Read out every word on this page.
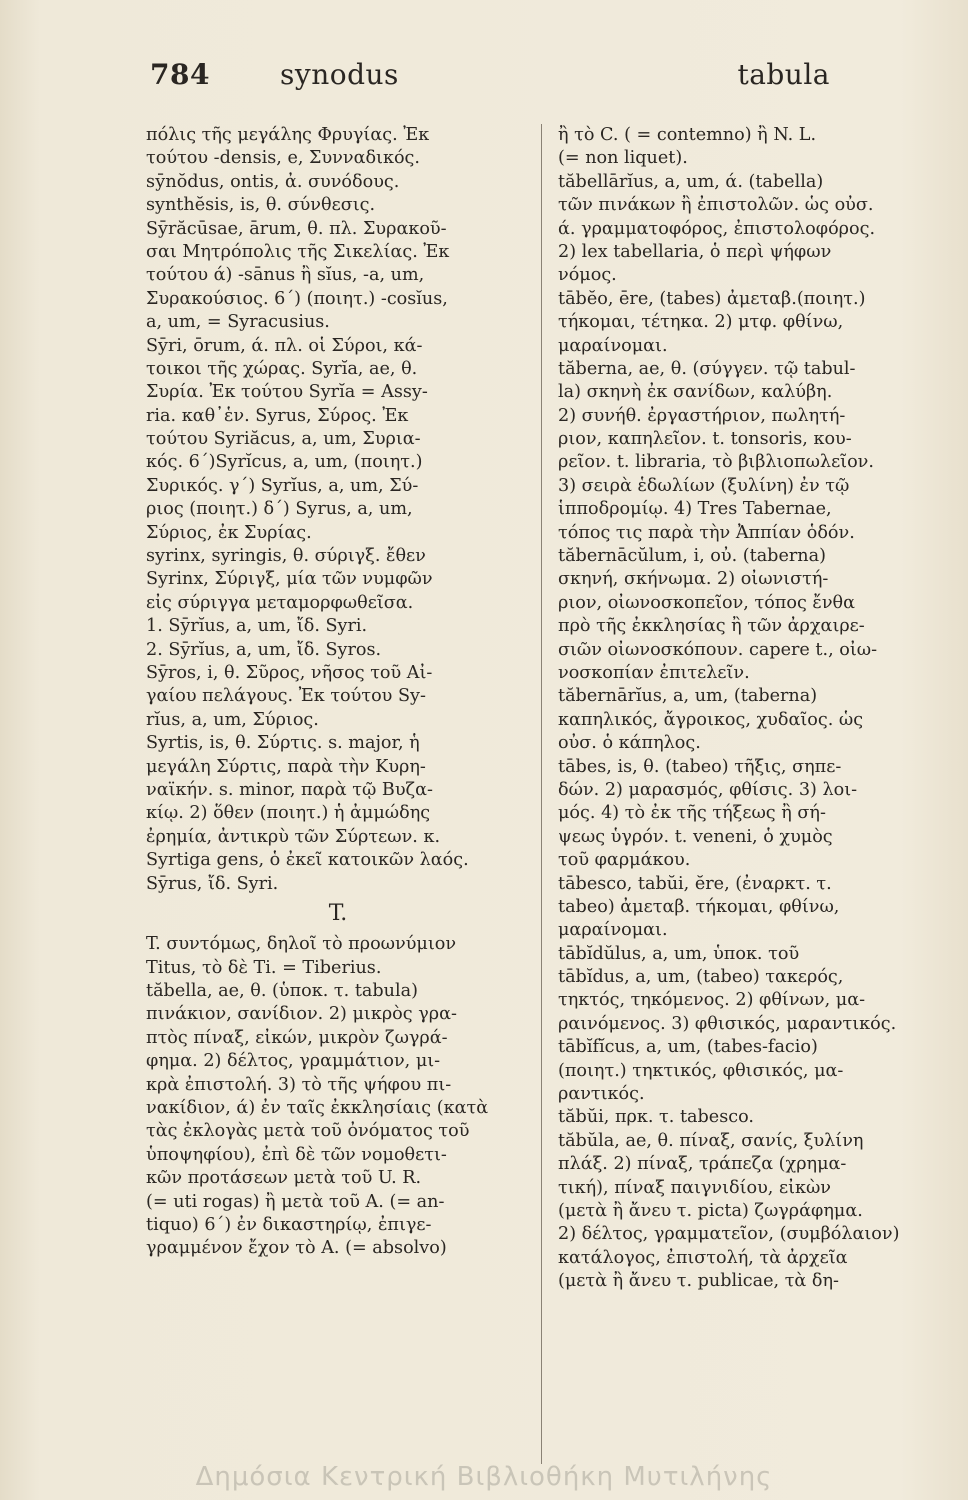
784	synodus	tabula
πόλις τῆς μεγάλης Φρυγίας. Ἐκ
τούτου -densis, e, Συνναδικός.
sӯnŏdus, ontis, ἀ. συνόδους.
synthĕsis, is, θ. σύνθεσις.
Sȳrăcūsae, ārum, θ. πλ. Συρακοῦ-
σαι Μητρόπολις τῆς Σικελίας. Ἐκ
τούτου ά) -sānus ἢ sĭus, -a, um,
Συρακούσιος. 6΄) (ποιητ.) -cosĭus,
a, um, = Syracusius.
Sȳri, ōrum, ά. πλ. οἱ Σύροι, κά-
τοικοι τῆς χώρας. Syrĭa, ae, θ.
Συρία. Ἐκ τούτου Syrĭa = Assy-
ria. καθ᾽ἑν. Syrus, Σύρος. Ἐκ
τούτου Syriăcus, a, um, Συρια-
κός. 6΄)Syrĭcus, a, um, (ποιητ.)
Συρικός. γ΄) Syrĭus, a, um, Σύ-
ριος (ποιητ.) δ΄) Syrus, a, um,
Σύριος, ἐκ Συρίας.
syrinx, syringis, θ. σύριγξ. ἔθεν
Syrinx, Σύριγξ, μία τῶν νυμφῶν
εἰς σύριγγα μεταμορφωθεῖσα.
1. Sȳrĭus, a, um, ἴδ. Syri.
2. Sȳrĭus, a, um, ἴδ. Syros.
Sȳros, i, θ. Σῦρος, νῆσος τοῦ Αἰ-
γαίου πελάγους. Ἐκ τούτου Sy-
rĭus, a, um, Σύριος.
Syrtis, is, θ. Σύρτις. s. major, ἡ
μεγάλη Σύρτις, παρὰ τὴν Κυρη-
ναϊκήν. s. minor, παρὰ τῷ Βυζα-
κίῳ. 2) ὅθεν (ποιητ.) ἡ ἀμμώδης
ἐρημία, ἀντικρὺ τῶν Σύρτεων. κ.
Syrtiga gens, ὁ ἐκεῖ κατοικῶν λαός.
Sȳrus, ἴδ. Syri.
T.
T. συντόμως, δηλοῖ τὸ προωνύμιον
Titus, τὸ δὲ Ti. = Tiberius.
tăbella, ae, θ. (ὑποκ. τ. tabula)
πινάκιον, σανίδιον. 2) μικρὸς γρα-
πτὸς πίναξ, εἰκών, μικρὸν ζωγρά-
φημα. 2) δέλτος, γραμμάτιον, μι-
κρὰ ἐπιστολή. 3) τὸ τῆς ψήφου πι-
νακίδιον, ά) ἐν ταῖς ἐκκλησίαις (κατὰ
τὰς ἐκλογὰς μετὰ τοῦ ὀνόματος τοῦ
ὑποψηφίου), ἐπὶ δὲ τῶν νομοθετι-
κῶν προτάσεων μετὰ τοῦ U. R.
(= uti rogas) ἢ μετὰ τοῦ A. (= an-
tiquo) 6΄) ἐν δικαστηρίῳ, ἐπιγε-
γραμμένον ἔχον τὸ A. (= absolvo)
ἢ τὸ C. ( = contemno) ἢ N. L.
(= non liquet).
tăbellārĭus, a, um, ά. (tabella)
τῶν πινάκων ἢ ἐπιστολῶν. ὡς οὐσ.
ά. γραμματοφόρος, ἐπιστολοφόρος.
2) lex tabellaria, ὁ περὶ ψήφων
νόμος.
tābĕo, ēre, (tabes) ἀμεταβ.(ποιητ.)
τήκομαι, τέτηκα. 2) μτφ. φθίνω,
μαραίνομαι.
tăberna, ae, θ. (σύγγεν. τῷ tabul-
la) σκηνὴ ἐκ σανίδων, καλύβη.
2) συνήθ. ἐργαστήριον, πωλητή-
ριον, καπηλεῖον. t. tonsoris, κου-
ρεῖον. t. libraria, τὸ βιβλιοπωλεῖον.
3) σειρὰ ἑδωλίων (ξυλίνη) ἐν τῷ
ἱπποδρομίῳ. 4) Tres Tabernae,
τόπος τις παρὰ τὴν Ἀππίαν ὁδόν.
tăbernācŭlum, i, οὐ. (taberna)
σκηνή, σκήνωμα. 2) οἰωνιστή-
ριον, οἰωνοσκοπεῖον, τόπος ἔνθα
πρὸ τῆς ἐκκλησίας ἢ τῶν ἀρχαιρε-
σιῶν οἰωνοσκόπουν. capere t., οἰω-
νοσκοπίαν ἐπιτελεῖν.
tăbernārĭus, a, um, (taberna)
καπηλικός, ἄγροικος, χυδαῖος. ὡς
οὐσ. ὁ κάπηλος.
tābes, is, θ. (tabeo) τῆξις, σηπε-
δών. 2) μαρασμός, φθίσις. 3) λοι-
μός. 4) τὸ ἐκ τῆς τήξεως ἢ σή-
ψεως ὑγρόν. t. veneni, ὁ χυμὸς
τοῦ φαρμάκου.
tābesco, tabŭi, ĕre, (ἐναρκτ. τ.
tabeo) ἀμεταβ. τήκομαι, φθίνω,
μαραίνομαι.
tābĭdŭlus, a, um, ὑποκ. τοῦ
tābĭdus, a, um, (tabeo) τακερός,
τηκτός, τηκόμενος. 2) φθίνων, μα-
ραινόμενος. 3) φθισικός, μαραντικός.
tābĭfĭcus, a, um, (tabes-facio)
(ποιητ.) τηκτικός, φθισικός, μα-
ραντικός.
tăbŭi, πρκ. τ. tabesco.
tăbŭla, ae, θ. πίναξ, σανίς, ξυλίνη
πλάξ. 2) πίναξ, τράπεζα (χρημα-
τική), πίναξ παιγνιδίου, εἰκὼν
(μετὰ ἢ ἄνευ τ. picta) ζωγράφημα.
2) δέλτος, γραμματεῖον, (συμβόλαιον)
κατάλογος, ἐπιστολή, τὰ ἀρχεῖα
(μετὰ ἢ ἄνευ τ. publicae, τὰ δη-
Δημόσια Κεντρική Βιβλιοθήκη Μυτιλήνης
